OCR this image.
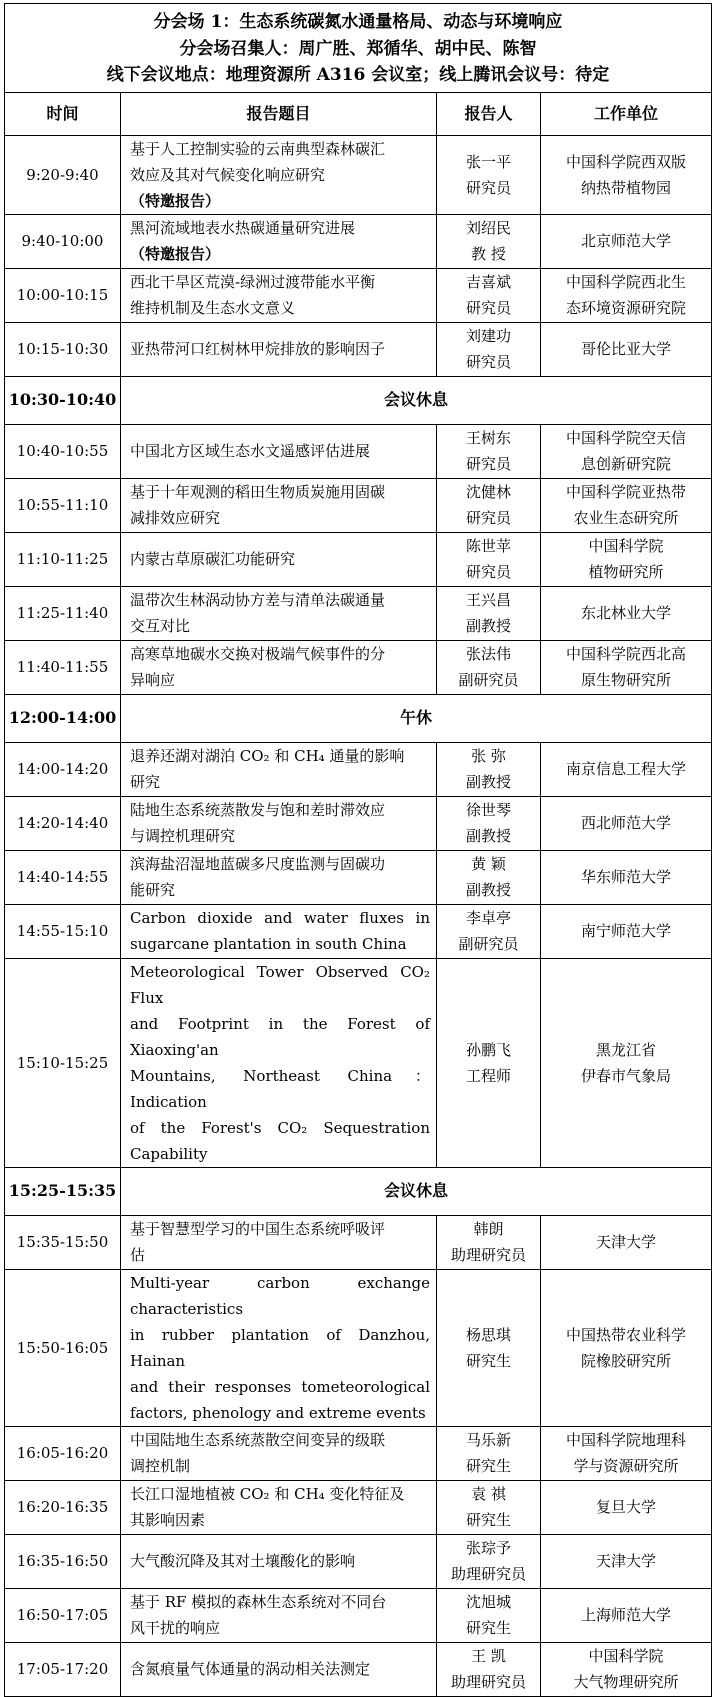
分会场 1：生态系统碳氮水通量格局、动态与环境响应
分会场召集人：周广胜、郑循华、胡中民、陈智
线下会议地点：地理资源所 A316 会议室；线上腾讯会议号：待定			

时间	报告题目	报告人	工作单位
9:20-9:40	基于人工控制实验的云南典型森林碳汇
效应及其对气候变化响应研究
（特邀报告）	张一平
研究员	中国科学院西双版
纳热带植物园

9:40-10:00	黑河流域地表水热碳通量研究进展
（特邀报告）	刘绍民
教 授	北京师范大学

10:00-10:15	西北干旱区荒漠-绿洲过渡带能水平衡
维持机制及生态水文意义	吉喜斌
研究员	中国科学院西北生
态环境资源研究院

10:15-10:30	亚热带河口红树林甲烷排放的影响因子	刘建功
研究员	哥伦比亚大学

10:30-10:40	会议休息		
10:40-10:55	中国北方区域生态水文遥感评估进展	王树东
研究员	中国科学院空天信
息创新研究院

10:55-11:10	基于十年观测的稻田生物质炭施用固碳
减排效应研究	沈健林
研究员	中国科学院亚热带
农业生态研究所

11:10-11:25	内蒙古草原碳汇功能研究	陈世苹
研究员	中国科学院
植物研究所

11:25-11:40	温带次生林涡动协方差与清单法碳通量
交互对比	王兴昌
副教授	东北林业大学

11:40-11:55	高寒草地碳水交换对极端气候事件的分
异响应	张法伟
副研究员	中国科学院西北高
原生物研究所

12:00-14:00	午休		
14:00-14:20	退养还湖对湖泊 CO₂ 和 CH₄ 通量的影响
研究	张 弥
副教授	南京信息工程大学

14:20-14:40	陆地生态系统蒸散发与饱和差时滞效应
与调控机理研究	徐世琴
副教授	西北师范大学

14:40-14:55	滨海盐沼湿地蓝碳多尺度监测与固碳功
能研究	黄 颖
副教授	华东师范大学

14:55-15:10	Carbon dioxide and water fluxes in
sugarcane plantation in south China	李卓亭
副研究员	南宁师范大学

15:10-15:25	Meteorological Tower Observed CO₂ Flux
and Footprint in the Forest of Xiaoxing'an
Mountains, Northeast China： Indication
of the Forest's CO₂ Sequestration
Capability	孙鹏飞
工程师	黑龙江省
伊春市气象局

15:25-15:35	会议休息		
15:35-15:50	基于智慧型学习的中国生态系统呼吸评
估	韩朗
助理研究员	天津大学

15:50-16:05	Multi-year carbon exchange characteristics
in rubber plantation of Danzhou, Hainan
and their responses tometeorological
factors, phenology and extreme events	杨思琪
研究生	中国热带农业科学
院橡胶研究所

16:05-16:20	中国陆地生态系统蒸散空间变异的级联
调控机制	马乐新
研究生	中国科学院地理科
学与资源研究所

16:20-16:35	长江口湿地植被 CO₂ 和 CH₄ 变化特征及
其影响因素	袁 祺
研究生	复旦大学

16:35-16:50	大气酸沉降及其对土壤酸化的影响	张琮予
助理研究员	天津大学

16:50-17:05	基于 RF 模拟的森林生态系统对不同台
风干扰的响应	沈旭城
研究生	上海师范大学

17:05-17:20	含氮痕量气体通量的涡动相关法测定	王 凯
助理研究员	中国科学院
大气物理研究所
